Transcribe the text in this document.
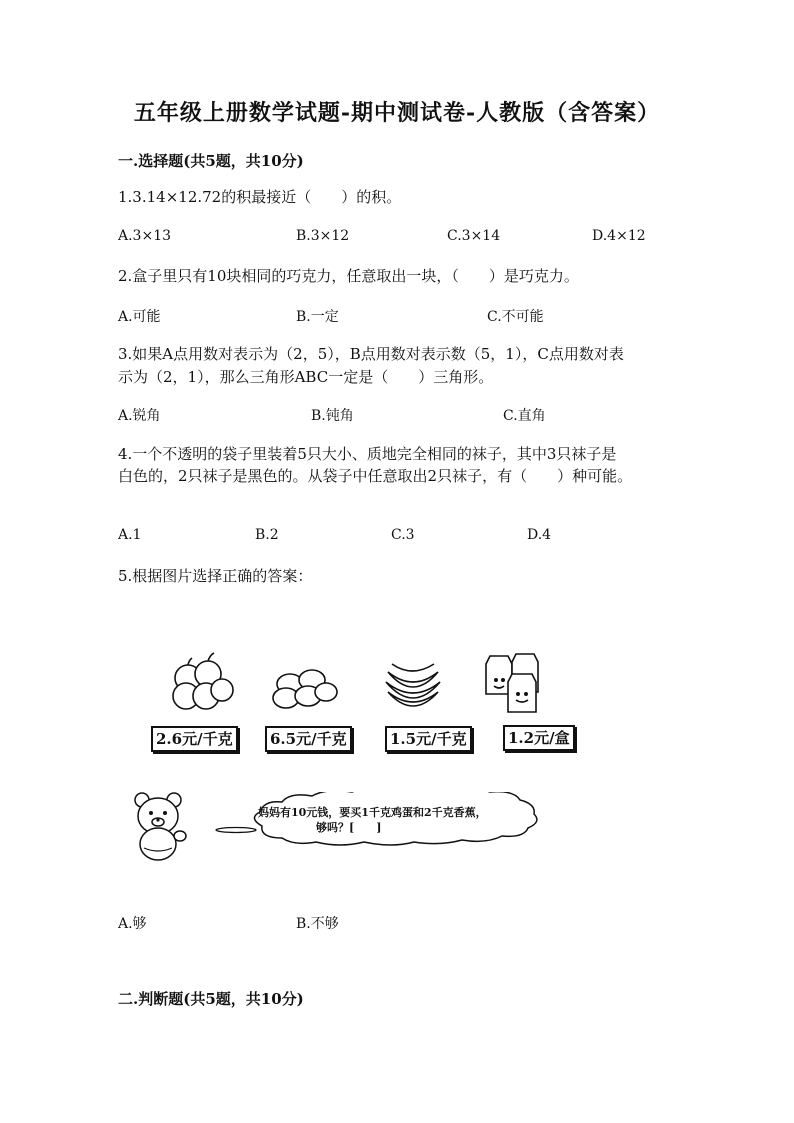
五年级上册数学试题-期中测试卷-人教版（含答案）
一.选择题(共5题，共10分)
1.3.14×12.72的积最接近（　　）的积。
A.3×13	B.3×12	C.3×14	D.4×12
2.盒子里只有10块相同的巧克力，任意取出一块，（　　）是巧克力。
A.可能	B.一定	C.不可能
3.如果A点用数对表示为（2，5），B点用数对表示数（5，1），C点用数对表
示为（2，1），那么三角形ABC一定是（　　）三角形。
A.锐角	B.钝角	C.直角
4.一个不透明的袋子里装着5只大小、质地完全相同的袜子，其中3只袜子是
白色的，2只袜子是黑色的。从袋子中任意取出2只袜子，有（　　）种可能。
A.1	B.2	C.3	D.4
5.根据图片选择正确的答案：
2.6元/千克	6.5元/千克	1.5元/千克	1.2元/盒
妈妈有10元钱，要买1千克鸡蛋和2千克香蕉，
够吗？[　　]
A.够	B.不够
二.判断题(共5题，共10分)
